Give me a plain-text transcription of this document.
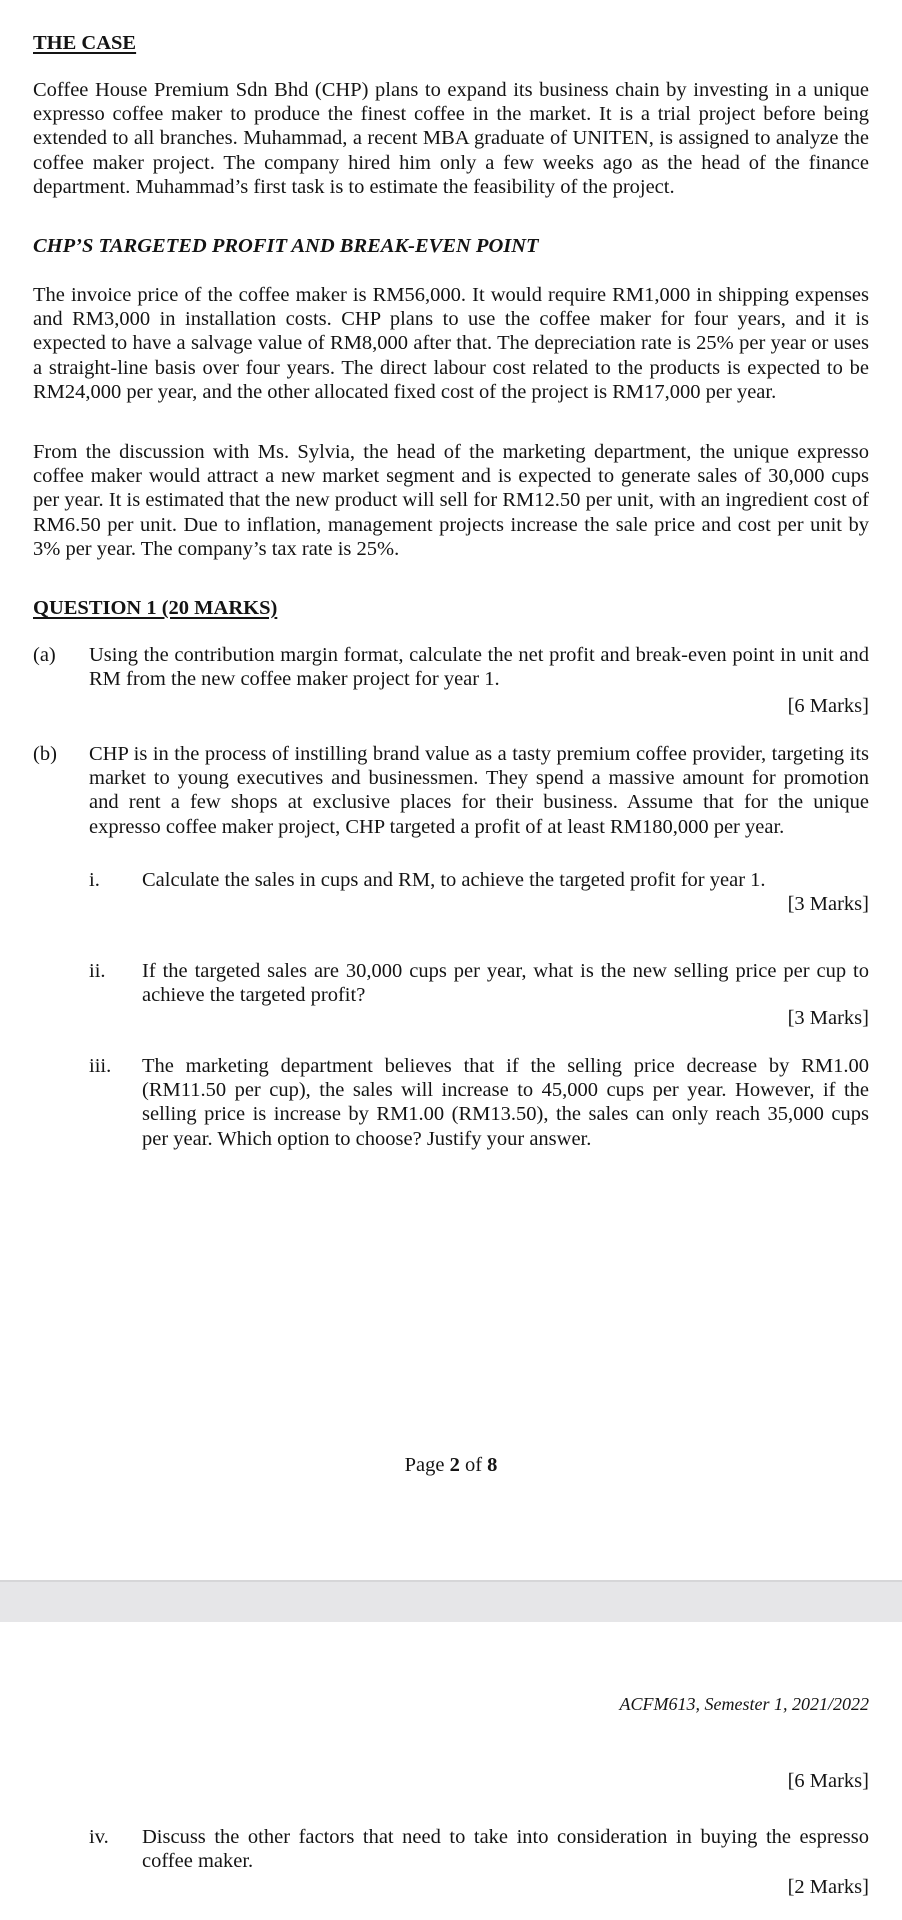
THE CASE
Coffee House Premium Sdn Bhd (CHP) plans to expand its business chain by investing in a unique expresso coffee maker to produce the finest coffee in the market. It is a trial project before being extended to all branches. Muhammad, a recent MBA graduate of UNITEN, is assigned to analyze the coffee maker project. The company hired him only a few weeks ago as the head of the finance department. Muhammad’s first task is to estimate the feasibility of the project.
CHP’S TARGETED PROFIT AND BREAK-EVEN POINT
The invoice price of the coffee maker is RM56,000. It would require RM1,000 in shipping expenses and RM3,000 in installation costs. CHP plans to use the coffee maker for four years, and it is expected to have a salvage value of RM8,000 after that. The depreciation rate is 25% per year or uses a straight-line basis over four years. The direct labour cost related to the products is expected to be RM24,000 per year, and the other allocated fixed cost of the project is RM17,000 per year.
From the discussion with Ms. Sylvia, the head of the marketing department, the unique expresso coffee maker would attract a new market segment and is expected to generate sales of 30,000 cups per year. It is estimated that the new product will sell for RM12.50 per unit, with an ingredient cost of RM6.50 per unit. Due to inflation, management projects increase the sale price and cost per unit by 3% per year. The company’s tax rate is 25%.
QUESTION 1 (20 MARKS)
(a) Using the contribution margin format, calculate the net profit and break-even point in unit and RM from the new coffee maker project for year 1.
[6 Marks]
(b) CHP is in the process of instilling brand value as a tasty premium coffee provider, targeting its market to young executives and businessmen. They spend a massive amount for promotion and rent a few shops at exclusive places for their business. Assume that for the unique expresso coffee maker project, CHP targeted a profit of at least RM180,000 per year.
i. Calculate the sales in cups and RM, to achieve the targeted profit for year 1.
[3 Marks]
ii. If the targeted sales are 30,000 cups per year, what is the new selling price per cup to achieve the targeted profit?
[3 Marks]
iii. The marketing department believes that if the selling price decrease by RM1.00 (RM11.50 per cup), the sales will increase to 45,000 cups per year. However, if the selling price is increase by RM1.00 (RM13.50), the sales can only reach 35,000 cups per year. Which option to choose? Justify your answer.
Page 2 of 8
ACFM613, Semester 1, 2021/2022
[6 Marks]
iv. Discuss the other factors that need to take into consideration in buying the espresso coffee maker.
[2 Marks]
